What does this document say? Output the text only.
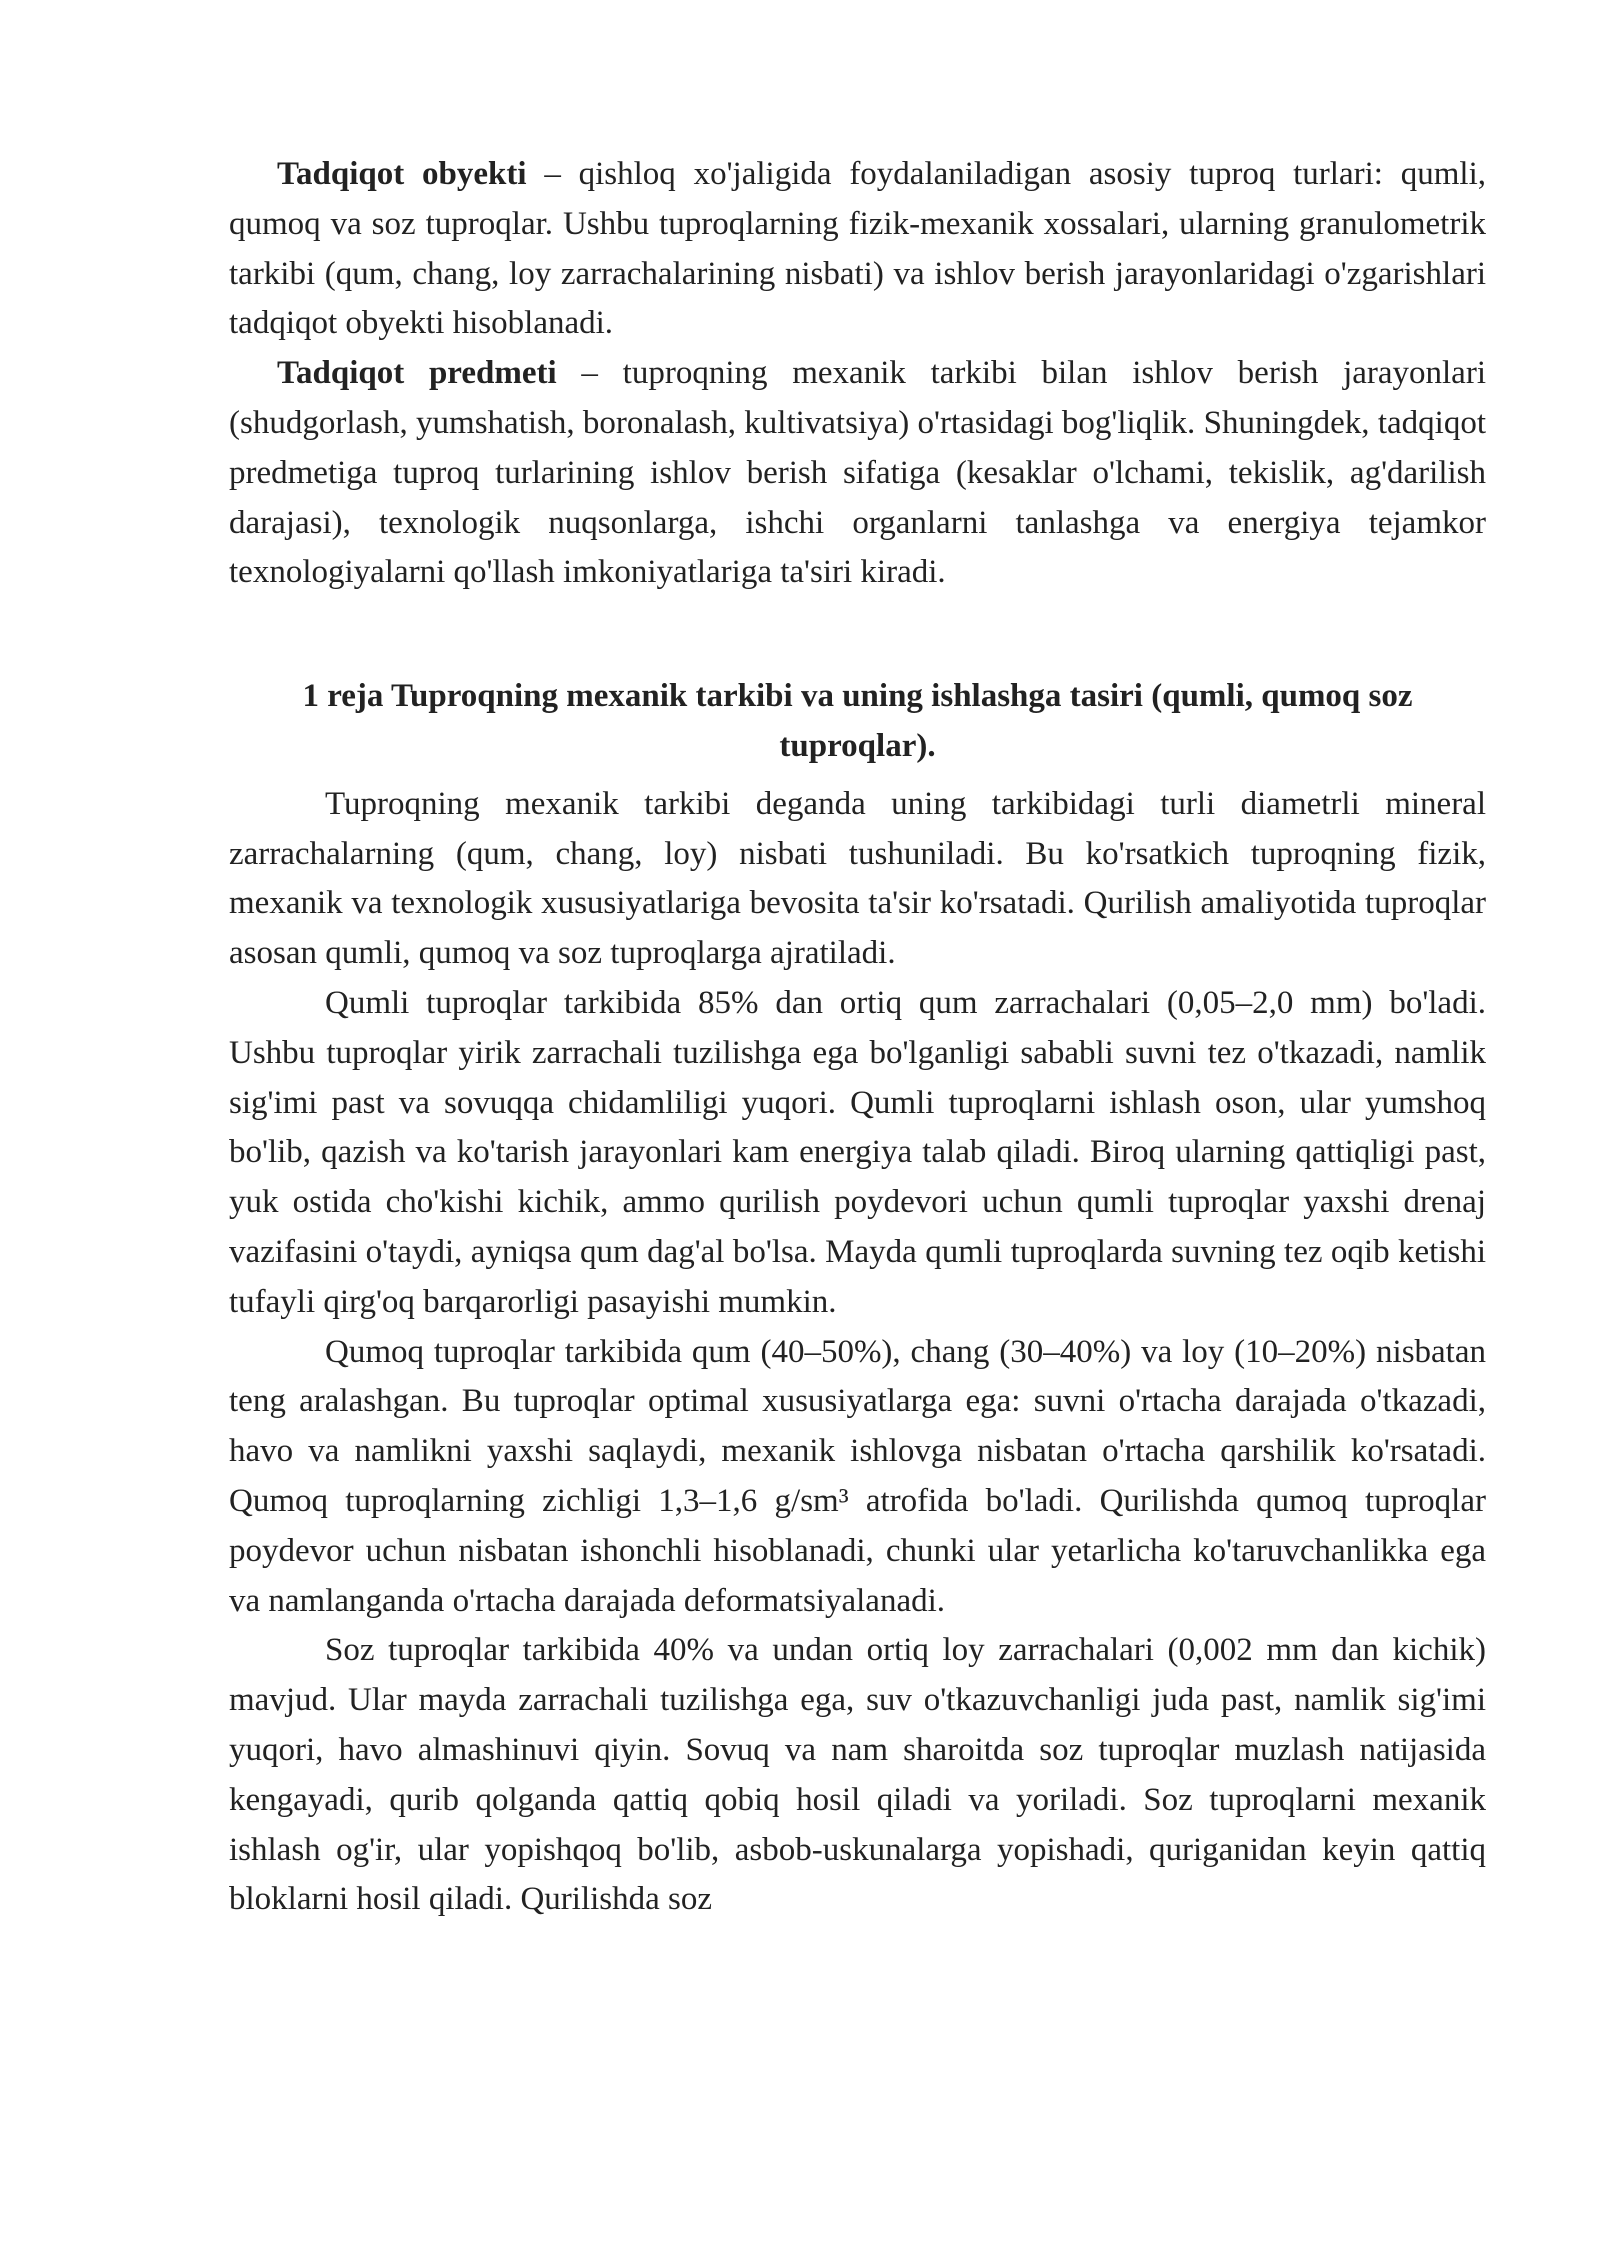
Tadqiqot obyekti – qishloq xo'jaligida foydalaniladigan asosiy tuproq turlari: qumli, qumoq va soz tuproqlar. Ushbu tuproqlarning fizik-mexanik xossalari, ularning granulometrik tarkibi (qum, chang, loy zarrachalarining nisbati) va ishlov berish jarayonlaridagi o'zgarishlari tadqiqot obyekti hisoblanadi.

Tadqiqot predmeti – tuproqning mexanik tarkibi bilan ishlov berish jarayonlari (shudgorlash, yumshatish, boronalash, kultivatsiya) o'rtasidagi bog'liqlik. Shuningdek, tadqiqot predmetiga tuproq turlarining ishlov berish sifatiga (kesaklar o'lchami, tekislik, ag'darilish darajasi), texnologik nuqsonlarga, ishchi organlarni tanlashga va energiya tejamkor texnologiyalarni qo'llash imkoniyatlariga ta'siri kiradi.

1 reja Tuproqning mexanik tarkibi va uning ishlashga tasiri (qumli, qumoq soz tuproqlar).

Tuproqning mexanik tarkibi deganda uning tarkibidagi turli diametrli mineral zarrachalarning (qum, chang, loy) nisbati tushuniladi. Bu ko'rsatkich tuproqning fizik, mexanik va texnologik xususiyatlariga bevosita ta'sir ko'rsatadi. Qurilish amaliyotida tuproqlar asosan qumli, qumoq va soz tuproqlarga ajratiladi.

Qumli tuproqlar tarkibida 85% dan ortiq qum zarrachalari (0,05–2,0 mm) bo'ladi. Ushbu tuproqlar yirik zarrachali tuzilishga ega bo'lganligi sababli suvni tez o'tkazadi, namlik sig'imi past va sovuqqa chidamliligi yuqori. Qumli tuproqlarni ishlash oson, ular yumshoq bo'lib, qazish va ko'tarish jarayonlari kam energiya talab qiladi. Biroq ularning qattiqligi past, yuk ostida cho'kishi kichik, ammo qurilish poydevori uchun qumli tuproqlar yaxshi drenaj vazifasini o'taydi, ayniqsa qum dag'al bo'lsa. Mayda qumli tuproqlarda suvning tez oqib ketishi tufayli qirg'oq barqarorligi pasayishi mumkin.

Qumoq tuproqlar tarkibida qum (40–50%), chang (30–40%) va loy (10–20%) nisbatan teng aralashgan. Bu tuproqlar optimal xususiyatlarga ega: suvni o'rtacha darajada o'tkazadi, havo va namlikni yaxshi saqlaydi, mexanik ishlovga nisbatan o'rtacha qarshilik ko'rsatadi. Qumoq tuproqlarning zichligi 1,3–1,6 g/sm³ atrofida bo'ladi. Qurilishda qumoq tuproqlar poydevor uchun nisbatan ishonchli hisoblanadi, chunki ular yetarlicha ko'taruvchanlikka ega va namlanganda o'rtacha darajada deformatsiyalanadi.

Soz tuproqlar tarkibida 40% va undan ortiq loy zarrachalari (0,002 mm dan kichik) mavjud. Ular mayda zarrachali tuzilishga ega, suv o'tkazuvchanligi juda past, namlik sig'imi yuqori, havo almashinuvi qiyin. Sovuq va nam sharoitda soz tuproqlar muzlash natijasida kengayadi, qurib qolganda qattiq qobiq hosil qiladi va yoriladi. Soz tuproqlarni mexanik ishlash og'ir, ular yopishqoq bo'lib, asbob-uskunalarga yopishadi, quriganidan keyin qattiq bloklarni hosil qiladi. Qurilishda soz
